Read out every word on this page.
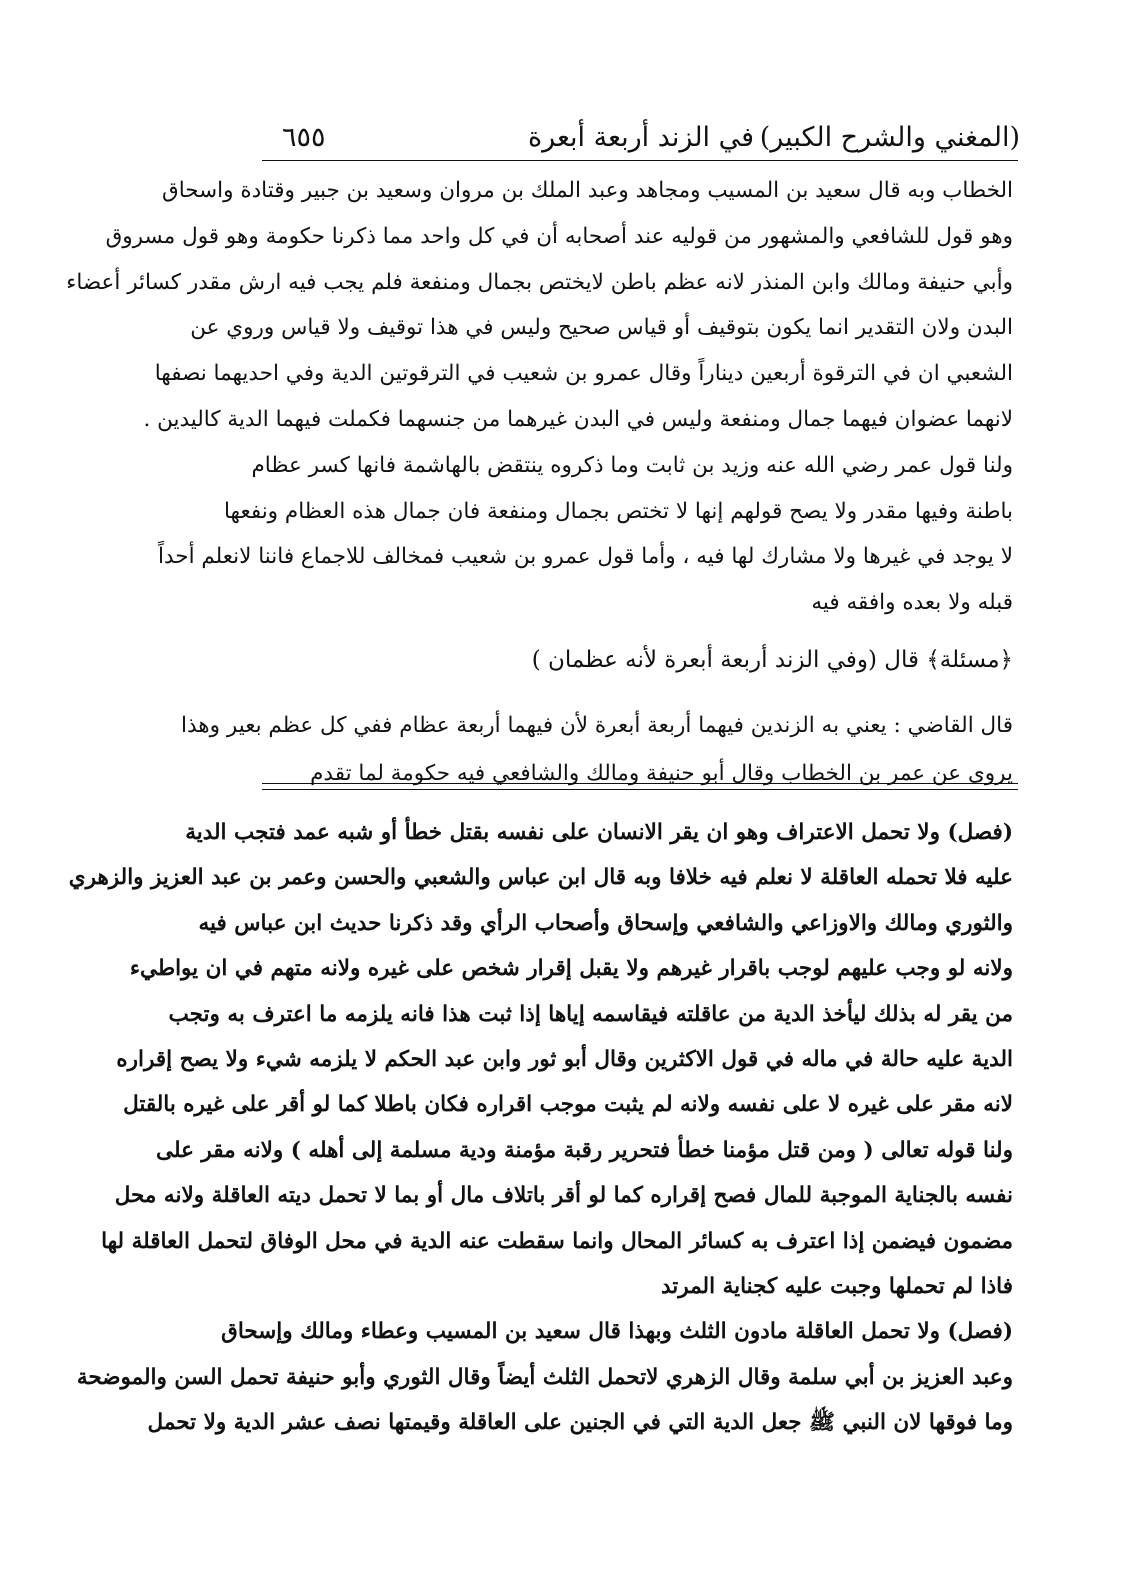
(المغني والشرح الكبير)
في الزند أربعة أبعرة
٦٥٥
الخطاب وبه قال سعيد بن المسيب ومجاهد وعبد الملك بن مروان وسعيد بن جبير وقتادة واسحاق
وهو قول للشافعي والمشهور من قوليه عند أصحابه أن في كل واحد مما ذكرنا حكومة وهو قول مسروق
وأبي حنيفة ومالك وابن المنذر لانه عظم باطن لايختص بجمال ومنفعة فلم يجب فيه ارش مقدر كسائر أعضاء
البدن ولان التقدير انما يكون بتوقيف أو قياس صحيح وليس في هذا توقيف ولا قياس وروي عن
الشعبي ان في الترقوة أربعين ديناراً وقال عمرو بن شعيب في الترقوتين الدية وفي احديهما نصفها
لانهما عضوان فيهما جمال ومنفعة وليس في البدن غيرهما من جنسهما فكملت فيهما الدية كاليدين .
ولنا قول عمر رضي الله عنه وزيد بن ثابت وما ذكروه ينتقض بالهاشمة فانها كسر عظام
باطنة وفيها مقدر ولا يصح قولهم إنها لا تختص بجمال ومنفعة فان جمال هذه العظام ونفعها
لا يوجد في غيرها ولا مشارك لها فيه ، وأما قول عمرو بن شعيب فمخالف للاجماع فاننا لانعلم أحداً
قبله ولا بعده وافقه فيه
﴿مسئلة﴾ قال (وفي الزند أربعة أبعرة لأنه عظمان )
قال القاضي : يعني به الزندين فيهما أربعة أبعرة لأن فيهما أربعة عظام ففي كل عظم بعير وهذا
يروى عن عمر بن الخطاب وقال أبو حنيفة ومالك والشافعي فيه حكومة لما تقدم
(فصل) ولا تحمل الاعتراف وهو ان يقر الانسان على نفسه بقتل خطأ أو شبه عمد فتجب الدية
عليه فلا تحمله العاقلة لا نعلم فيه خلافا وبه قال ابن عباس والشعبي والحسن وعمر بن عبد العزيز والزهري
والثوري ومالك والاوزاعي والشافعي وإسحاق وأصحاب الرأي وقد ذكرنا حديث ابن عباس فيه
ولانه لو وجب عليهم لوجب باقرار غيرهم ولا يقبل إقرار شخص على غيره ولانه متهم في ان يواطيء
من يقر له بذلك ليأخذ الدية من عاقلته فيقاسمه إياها إذا ثبت هذا فانه يلزمه ما اعترف به وتجب
الدية عليه حالة في ماله في قول الاكثرين وقال أبو ثور وابن عبد الحكم لا يلزمه شيء ولا يصح إقراره
لانه مقر على غيره لا على نفسه ولانه لم يثبت موجب اقراره فكان باطلا كما لو أقر على غيره بالقتل
ولنا قوله تعالى ( ومن قتل مؤمنا خطأ فتحرير رقبة مؤمنة ودية مسلمة إلى أهله ) ولانه مقر على
نفسه بالجناية الموجبة للمال فصح إقراره كما لو أقر باتلاف مال أو بما لا تحمل ديته العاقلة ولانه محل
مضمون فيضمن إذا اعترف به كسائر المحال وانما سقطت عنه الدية في محل الوفاق لتحمل العاقلة لها
فاذا لم تحملها وجبت عليه كجناية المرتد
(فصل) ولا تحمل العاقلة مادون الثلث وبهذا قال سعيد بن المسيب وعطاء ومالك وإسحاق
وعبد العزيز بن أبي سلمة وقال الزهري لاتحمل الثلث أيضاً وقال الثوري وأبو حنيفة تحمل السن والموضحة
وما فوقها لان النبي ﷺ جعل الدية التي في الجنين على العاقلة وقيمتها نصف عشر الدية ولا تحمل
